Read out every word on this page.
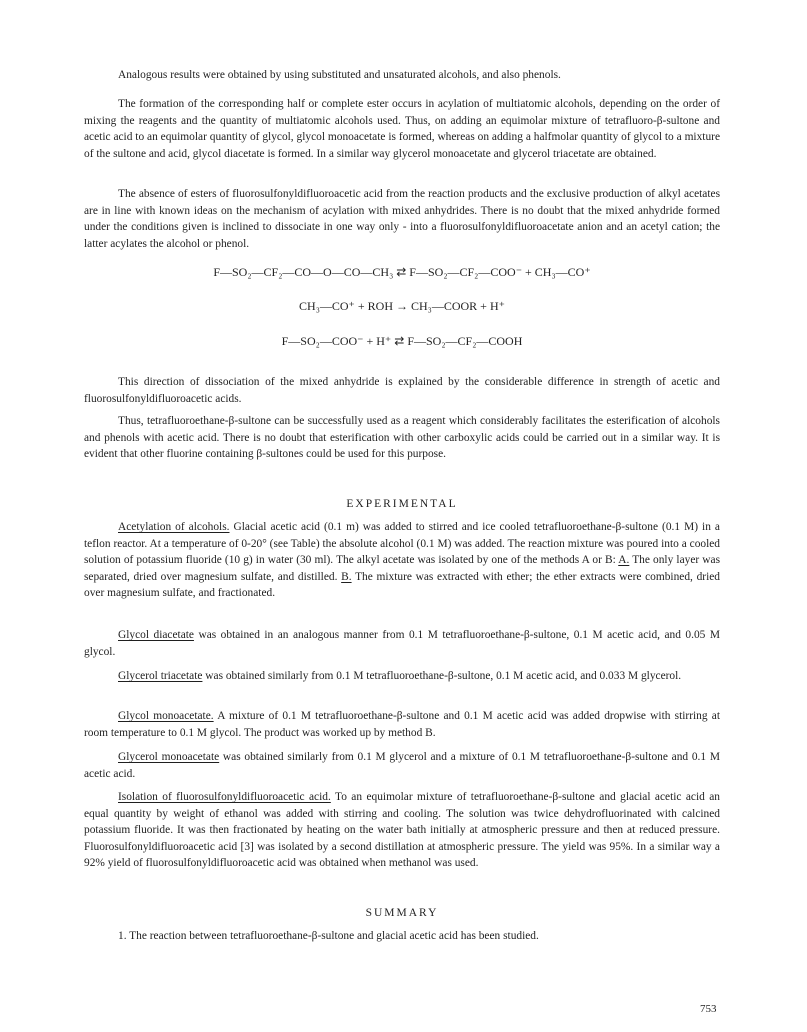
Analogous results were obtained by using substituted and unsaturated alcohols, and also phenols.

The formation of the corresponding half or complete ester occurs in acylation of multiatomic alcohols, depending on the order of mixing the reagents and the quantity of multiatomic alcohols used. Thus, on adding an equimolar mixture of tetrafluoro-β-sultone and acetic acid to an equimolar quantity of glycol, glycol monoacetate is formed, whereas on adding a halfmolar quantity of glycol to a mixture of the sultone and acid, glycol diacetate is formed. In a similar way glycerol monoacetate and glycerol triacetate are obtained.

The absence of esters of fluorosulfonyldifluoroacetic acid from the reaction products and the exclusive production of alkyl acetates are in line with known ideas on the mechanism of acylation with mixed anhydrides. There is no doubt that the mixed anhydride formed under the conditions given is inclined to dissociate in one way only - into a fluorosulfonyldifluoroacetate anion and an acetyl cation; the latter acylates the alcohol or phenol.

F—SO₂—CF₂—CO—O—CO—CH₃ ⇄ F—SO₂—CF₂—COO⁻ + CH₃—CO⁺
CH₃—CO⁺ + ROH → CH₃—COOR + H⁺
F—SO₂—COO⁻ + H⁺ ⇄ F—SO₂—CF₂—COOH

This direction of dissociation of the mixed anhydride is explained by the considerable difference in strength of acetic and fluorosulfonyldifluoroacetic acids.

Thus, tetrafluoroethane-β-sultone can be successfully used as a reagent which considerably facilitates the esterification of alcohols and phenols with acetic acid. There is no doubt that esterification with other carboxylic acids could be carried out in a similar way. It is evident that other fluorine containing β-sultones could be used for this purpose.

EXPERIMENTAL

Acetylation of alcohols. Glacial acetic acid (0.1 m) was added to stirred and ice cooled tetrafluoroethane-β-sultone (0.1 M) in a teflon reactor. At a temperature of 0-20° (see Table) the absolute alcohol (0.1 M) was added. The reaction mixture was poured into a cooled solution of potassium fluoride (10 g) in water (30 ml). The alkyl acetate was isolated by one of the methods A or B: A. The only layer was separated, dried over magnesium sulfate, and distilled. B. The mixture was extracted with ether; the ether extracts were combined, dried over magnesium sulfate, and fractionated.

Glycol diacetate was obtained in an analogous manner from 0.1 M tetrafluoroethane-β-sultone, 0.1 M acetic acid, and 0.05 M glycol.

Glycerol triacetate was obtained similarly from 0.1 M tetrafluoroethane-β-sultone, 0.1 M acetic acid, and 0.033 M glycerol.

Glycol monoacetate. A mixture of 0.1 M tetrafluoroethane-β-sultone and 0.1 M acetic acid was added dropwise with stirring at room temperature to 0.1 M glycol. The product was worked up by method B.

Glycerol monoacetate was obtained similarly from 0.1 M glycerol and a mixture of 0.1 M tetrafluoroethane-β-sultone and 0.1 M acetic acid.

Isolation of fluorosulfonyldifluoroacetic acid. To an equimolar mixture of tetrafluoroethane-β-sultone and glacial acetic acid an equal quantity by weight of ethanol was added with stirring and cooling. The solution was twice dehydrofluorinated with calcined potassium fluoride. It was then fractionated by heating on the water bath initially at atmospheric pressure and then at reduced pressure. Fluorosulfonyldifluoroacetic acid [3] was isolated by a second distillation at atmospheric pressure. The yield was 95%. In a similar way a 92% yield of fluorosulfonyldifluoroacetic acid was obtained when methanol was used.

SUMMARY

1. The reaction between tetrafluoroethane-β-sultone and glacial acetic acid has been studied.

753
